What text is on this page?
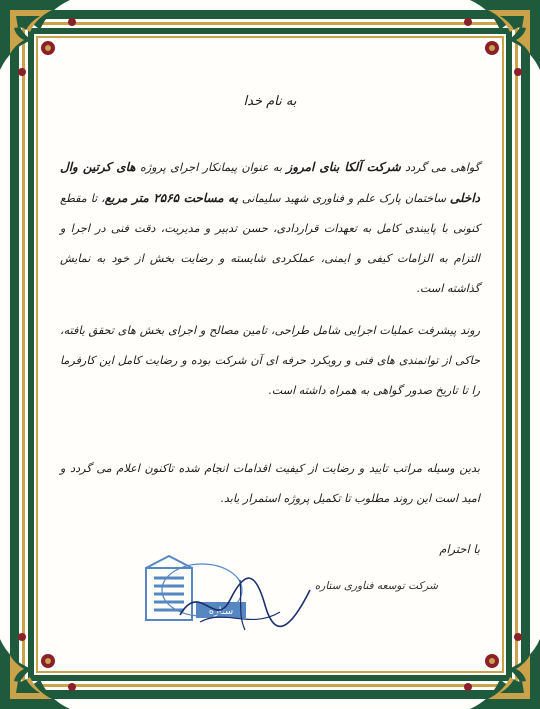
به نام خدا
گواهی می گردد شرکت آلکا بنای امروز به عنوان پیمانکار اجرای پروژه های کرتین وال داخلی ساختمان پارک علم و فناوری شهید سلیمانی به مساحت ۲۵۶۵ متر مربع، تا مقطع کنونی با پایبندی کامل به تعهدات قراردادی، حسن تدبیر و مدیریت، دقت فنی در اجرا و التزام به الزامات کیفی و ایمنی، عملکردی شایسته و رضایت بخش از خود به نمایش گذاشته است.
روند پیشرفت عملیات اجرایی شامل طراحی، تامین مصالح و اجرای بخش های تحقق یافته، حاکی از توانمندی های فنی و رویکرد حرفه ای آن شرکت بوده و رضایت کامل این کارفرما را تا تاریخ صدور گواهی به همراه داشته است.
بدین وسیله مراتب تایید و رضایت از کیفیت اقدامات انجام شده تاکنون اعلام می گردد و امید است این روند مطلوب تا تکمیل پروژه استمرار یابد.
با احترام
شرکت توسعه فناوری ستاره
ستاره
